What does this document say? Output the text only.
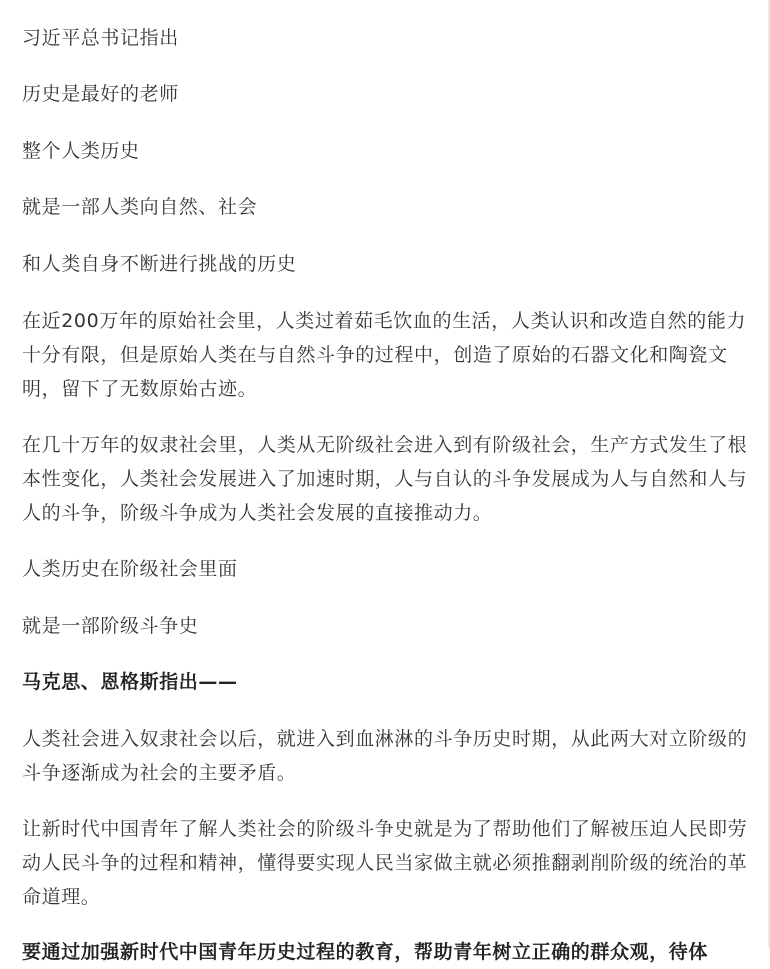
习近平总书记指出

历史是最好的老师

整个人类历史

就是一部人类向自然、社会

和人类自身不断进行挑战的历史

在近200万年的原始社会里，人类过着茹毛饮血的生活，人类认识和改造自然的能力十分有限，但是原始人类在与自然斗争的过程中，创造了原始的石器文化和陶瓷文明，留下了无数原始古迹。

在几十万年的奴隶社会里，人类从无阶级社会进入到有阶级社会，生产方式发生了根本性变化，人类社会发展进入了加速时期，人与自认的斗争发展成为人与自然和人与人的斗争，阶级斗争成为人类社会发展的直接推动力。

人类历史在阶级社会里面

就是一部阶级斗争史

马克思、恩格斯指出——

人类社会进入奴隶社会以后，就进入到血淋淋的斗争历史时期，从此两大对立阶级的斗争逐渐成为社会的主要矛盾。

让新时代中国青年了解人类社会的阶级斗争史就是为了帮助他们了解被压迫人民即劳动人民斗争的过程和精神，懂得要实现人民当家做主就必须推翻剥削阶级的统治的革命道理。

要通过加强新时代中国青年历史过程的教育，帮助青年树立正确的群众观，待体
